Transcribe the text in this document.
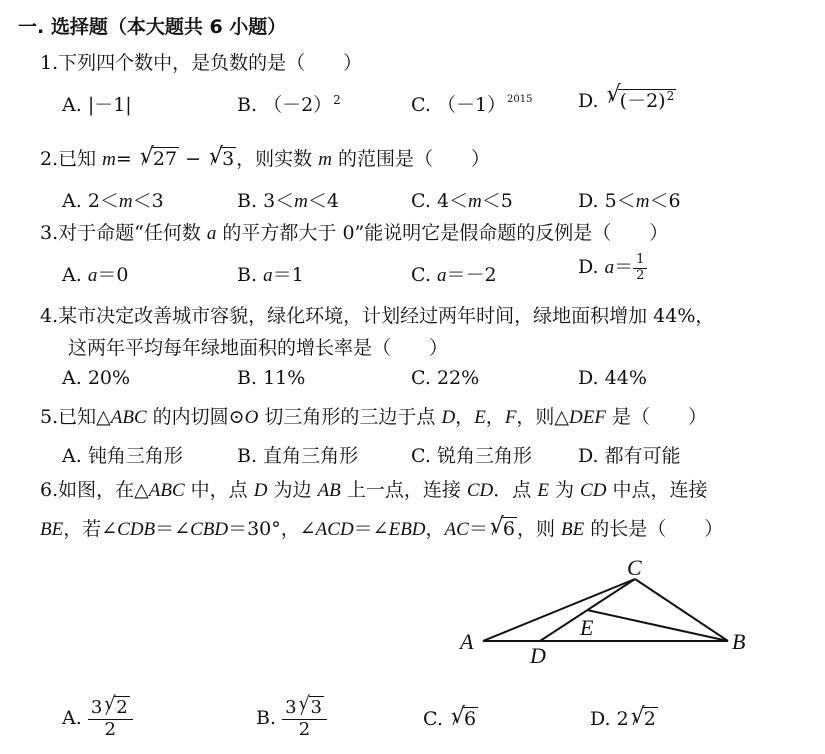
一. 选择题（本大题共 6 小题）
1.下列四个数中，是负数的是（　　）
A. |－1|	B. $(-2)^2$	C. $(-1)^{2015}$ D. √
$(-2)^2$
2.已知 m= √
27 − √
3 ，则实数 m 的范围是（　　）
A. 2＜m＜3	B. 3＜m＜4	C. 4＜m＜5	D. 5＜m＜6
3.对于命题“任何数 a 的平方都大于 0”能说明它是假命题的反例是（　　）
A. a＝0	B. a＝1	C. a＝－2	D. $a= \frac{1}{2}$
4.某市决定改善城市容貌，绿化环境，计划经过两年时间，绿地面积增加 44%，
这两年平均每年绿地面积的增长率是（　　）
A. 20%	B. 11%	C. 22%	D. 44%
5.已知△ABC 的内切圆⊙O 切三角形的三边于点 D，E，F，则△DEF 是（　　）
A. 钝角三角形	B. 直角三角形	C. 锐角三角形 D. 都有可能
6.如图，在△ABC 中，点 D 为边 AB 上一点，连接 CD．点 E 为 CD 中点，连接
BE，若∠CDB＝∠CBD＝30°，∠ACD＝∠EBD，AC＝ √
6 ，则 BE 的长是（　　）
A	B
C
D
E
A. $\frac{3 √ 2}{2}$	B. $\frac{3 √ 3}{2}$	C. √
6	D. 2 √
2
